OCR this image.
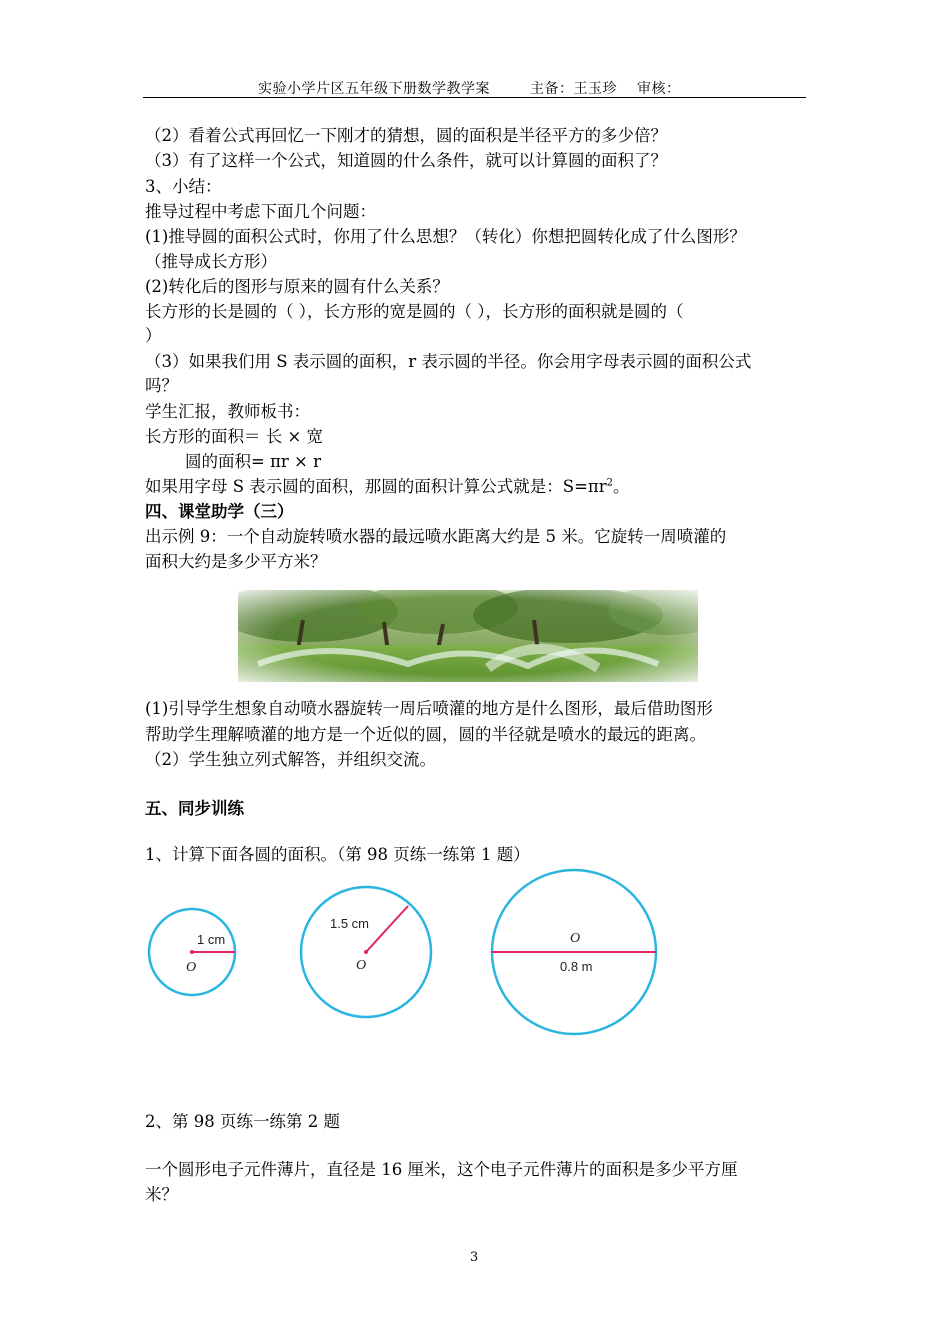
实验小学片区五年级下册数学教学案	主备：王玉珍 审核：
（2）看着公式再回忆一下刚才的猜想，圆的面积是半径平方的多少倍？
（3）有了这样一个公式，知道圆的什么条件，就可以计算圆的面积了？
3、小结：
推导过程中考虑下面几个问题：
(1)推导圆的面积公式时，你用了什么思想？（转化）你想把圆转化成了什么图形？
（推导成长方形）
(2)转化后的图形与原来的圆有什么关系？
长方形的长是圆的（ ），长方形的宽是圆的（ ），长方形的面积就是圆的（
）
（3）如果我们用 S 表示圆的面积，r 表示圆的半径。你会用字母表示圆的面积公式
吗？
学生汇报，教师板书：
长方形的面积＝ 长 × 宽
圆的面积= πr × r
如果用字母 S 表示圆的面积，那圆的面积计算公式就是：$S=\pi r^2$。
四、课堂助学（三）
出示例 9：一个自动旋转喷水器的最远喷水距离大约是 5 米。它旋转一周喷灌的
面积大约是多少平方米？
(1)引导学生想象自动喷水器旋转一周后喷灌的地方是什么图形，最后借助图形
帮助学生理解喷灌的地方是一个近似的圆，圆的半径就是喷水的最远的距离。
（2）学生独立列式解答，并组织交流。
五、同步训练
1、计算下面各圆的面积。（第 98 页练一练第 1 题）
1 cm
O
1.5 cm
O
O
0.8 m
2、第 98 页练一练第 2 题
一个圆形电子元件薄片，直径是 16 厘米，这个电子元件薄片的面积是多少平方厘
米？
3
